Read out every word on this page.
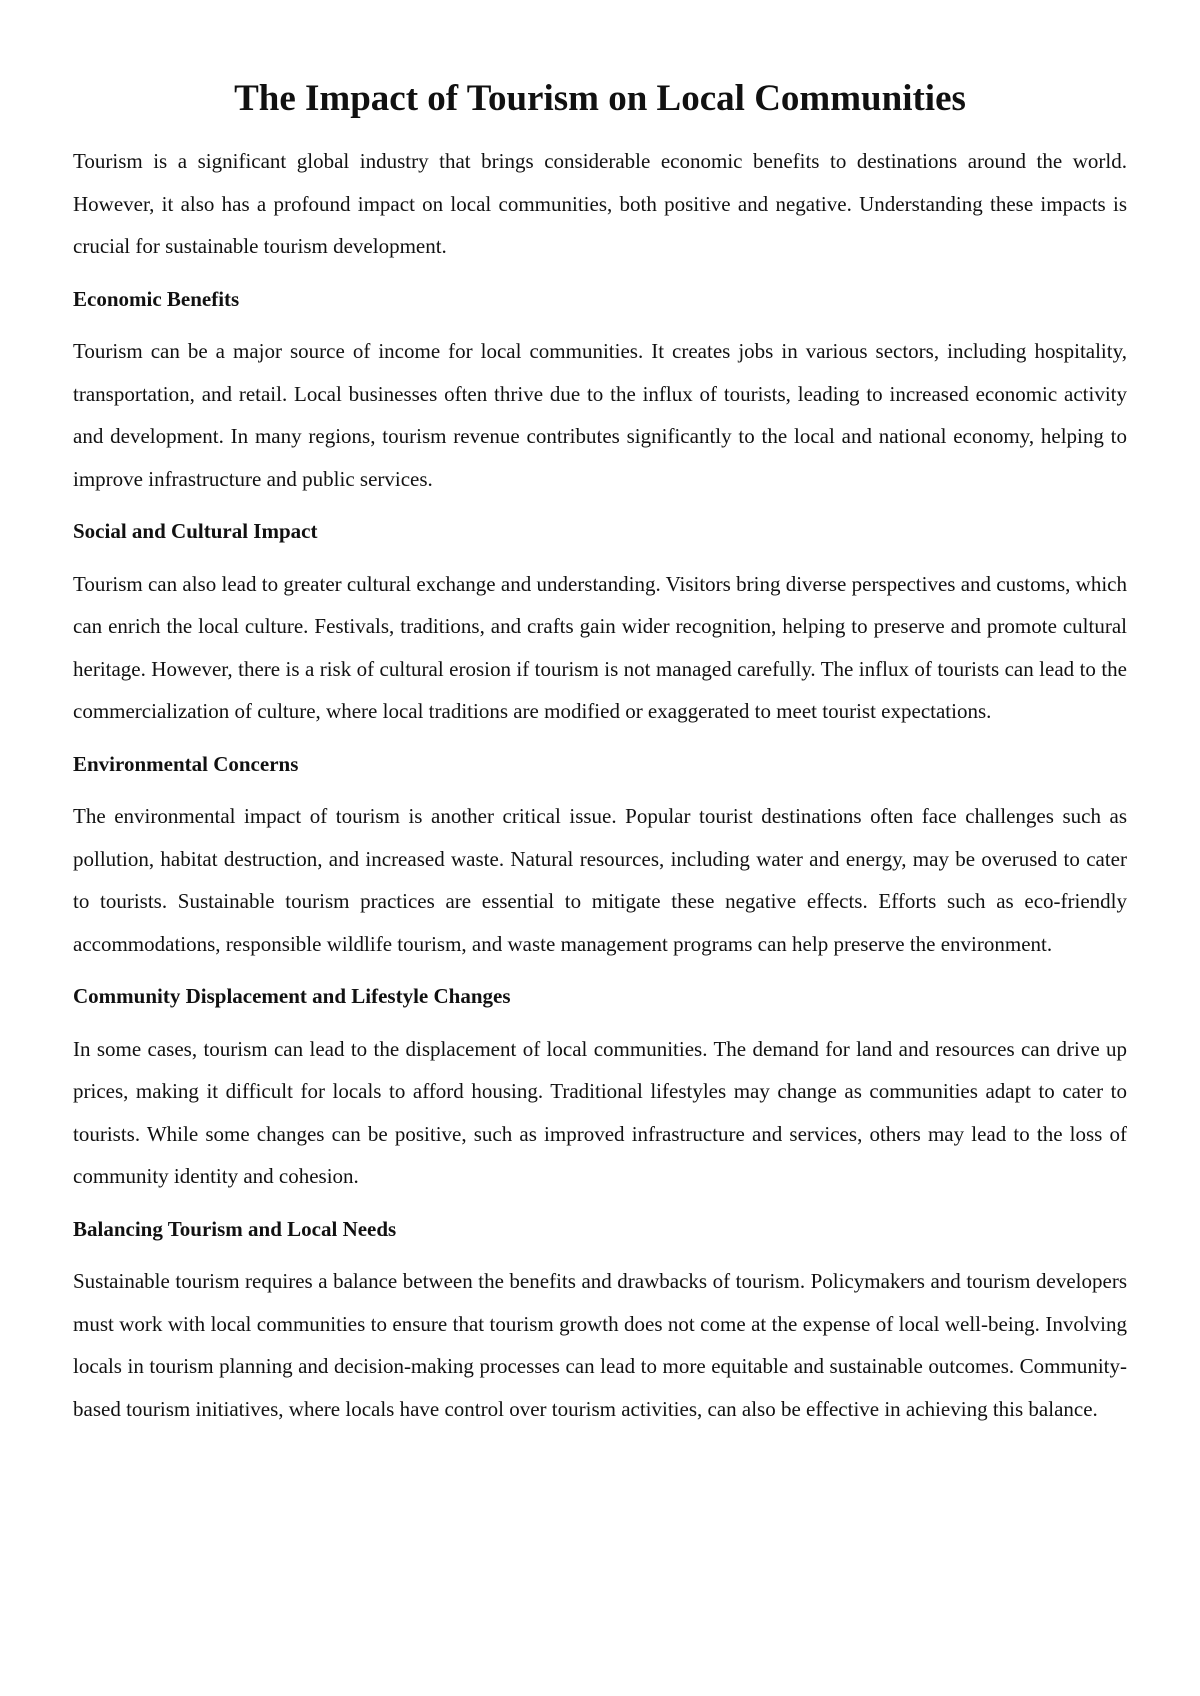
The Impact of Tourism on Local Communities

Tourism is a significant global industry that brings considerable economic benefits to destinations around the world. However, it also has a profound impact on local communities, both positive and negative. Understanding these impacts is crucial for sustainable tourism development.

Economic Benefits

Tourism can be a major source of income for local communities. It creates jobs in various sectors, including hospitality, transportation, and retail. Local businesses often thrive due to the influx of tourists, leading to increased economic activity and development. In many regions, tourism revenue contributes significantly to the local and national economy, helping to improve infrastructure and public services.

Social and Cultural Impact

Tourism can also lead to greater cultural exchange and understanding. Visitors bring diverse perspectives and customs, which can enrich the local culture. Festivals, traditions, and crafts gain wider recognition, helping to preserve and promote cultural heritage. However, there is a risk of cultural erosion if tourism is not managed carefully. The influx of tourists can lead to the commercialization of culture, where local traditions are modified or exaggerated to meet tourist expectations.

Environmental Concerns

The environmental impact of tourism is another critical issue. Popular tourist destinations often face challenges such as pollution, habitat destruction, and increased waste. Natural resources, including water and energy, may be overused to cater to tourists. Sustainable tourism practices are essential to mitigate these negative effects. Efforts such as eco-friendly accommodations, responsible wildlife tourism, and waste management programs can help preserve the environment.

Community Displacement and Lifestyle Changes

In some cases, tourism can lead to the displacement of local communities. The demand for land and resources can drive up prices, making it difficult for locals to afford housing. Traditional lifestyles may change as communities adapt to cater to tourists. While some changes can be positive, such as improved infrastructure and services, others may lead to the loss of community identity and cohesion.

Balancing Tourism and Local Needs

Sustainable tourism requires a balance between the benefits and drawbacks of tourism. Policymakers and tourism developers must work with local communities to ensure that tourism growth does not come at the expense of local well-being. Involving locals in tourism planning and decision-making processes can lead to more equitable and sustainable outcomes. Community-based tourism initiatives, where locals have control over tourism activities, can also be effective in achieving this balance.
